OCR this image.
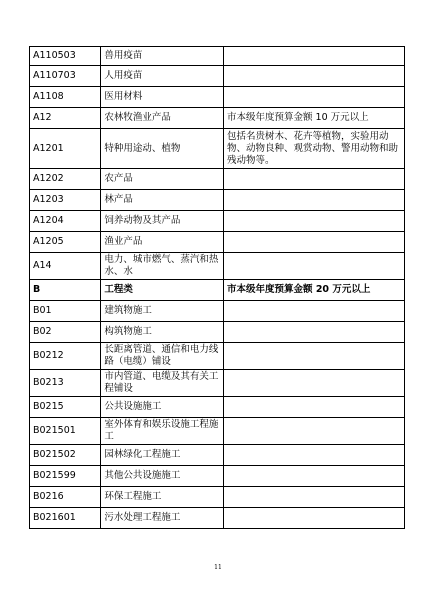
A110503	兽用疫苗	
A110703	人用疫苗	
A1108	医用材料	
A12	农林牧渔业产品	市本级年度预算金额 10 万元以上
A1201	特种用途动、植物	包括名贵树木、花卉等植物，实验用动物、动物良种、观赏动物、警用动物和助残动物等。
A1202	农产品	
A1203	林产品	
A1204	饲养动物及其产品	
A1205	渔业产品	
A14	电力、城市燃气、蒸汽和热水、水	
B	工程类	市本级年度预算金额 20 万元以上
B01	建筑物施工	
B02	构筑物施工	
B0212	长距离管道、通信和电力线路（电缆）铺设	
B0213	市内管道、电缆及其有关工程铺设	
B0215	公共设施施工	
B021501	室外体育和娱乐设施工程施工	
B021502	园林绿化工程施工	
B021599	其他公共设施施工	
B0216	环保工程施工	
B021601	污水处理工程施工	
11
